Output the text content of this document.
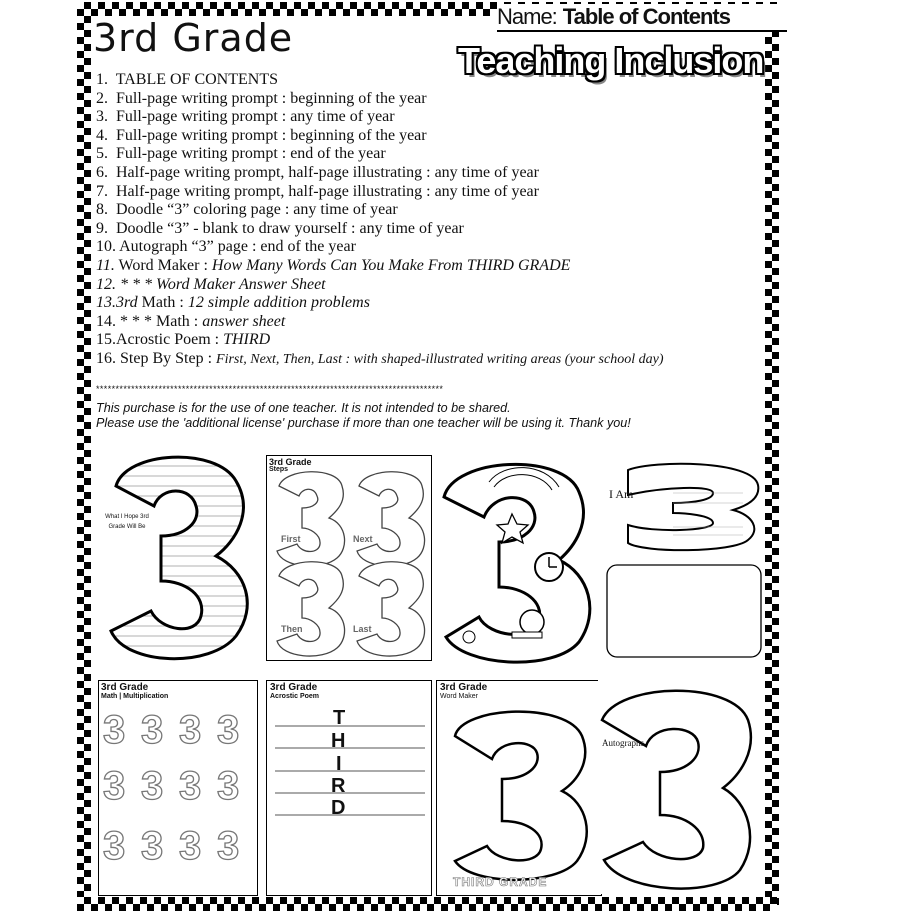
Name: Table of Contents
3rd Grade
Teaching Inclusion
1. TABLE OF CONTENTS
2. Full-page writing prompt : beginning of the year
3. Full-page writing prompt : any time of year
4. Full-page writing prompt : beginning of the year
5. Full-page writing prompt : end of the year
6. Half-page writing prompt, half-page illustrating : any time of year
7. Half-page writing prompt, half-page illustrating : any time of year
8. Doodle “3” coloring page : any time of year
9. Doodle “3” - blank to draw yourself : any time of year
10. Autograph “3” page : end of the year
11. Word Maker : How Many Words Can You Make From THIRD GRADE
12. * * * Word Maker Answer Sheet
13.3rd Math : 12 simple addition problems
14. * * * Math : answer sheet
15.Acrostic Poem : THIRD
16. Step By Step : First, Next, Then, Last : with shaped-illustrated writing areas (your school day)
*****************************************************************************************
This purchase is for the use of one teacher. It is not intended to be shared.
Please use the 'additional license' purchase if more than one teacher will be using it. Thank you!
What I Hope 3rd Grade Will Be
3rd Grade
Steps
First	Next
Then	Last
I Am
3rd Grade
Math | Multiplication
3 3 3 3
3 3 3 3
3 3 3 3
3rd Grade
Acrostic Poem
T
H
I
R
D
3rd Grade
Word Maker
THIRD GRADE
Autographs
